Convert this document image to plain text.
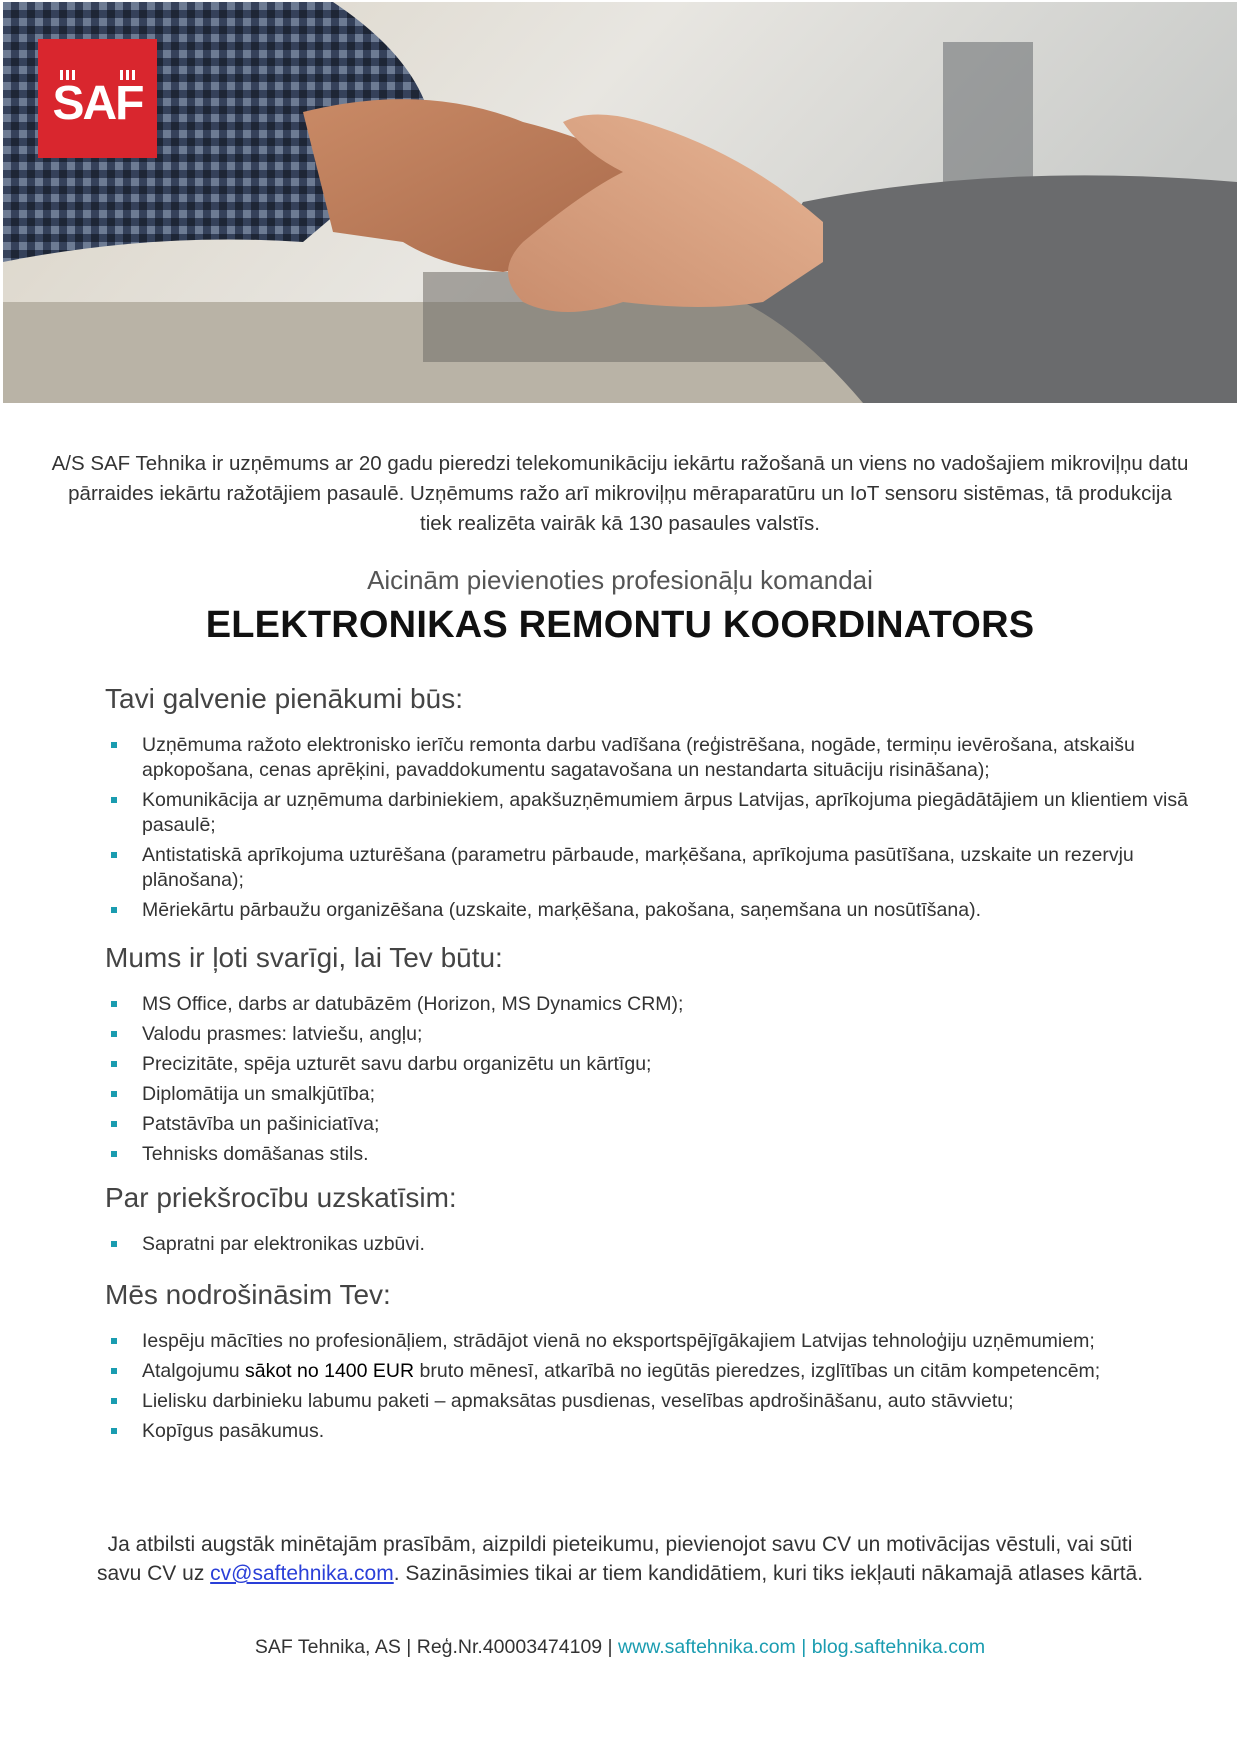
SAF
A/S SAF Tehnika ir uzņēmums ar 20 gadu pieredzi telekomunikāciju iekārtu ražošanā un viens no vadošajiem mikroviļņu datu pārraides iekārtu ražotājiem pasaulē. Uzņēmums ražo arī mikroviļņu mēraparatūru un IoT sensoru sistēmas, tā produkcija tiek realizēta vairāk kā 130 pasaules valstīs.
Aicinām pievienoties profesionāļu komandai
ELEKTRONIKAS REMONTU KOORDINATORS
Tavi galvenie pienākumi būs:
Uzņēmuma ražoto elektronisko ierīču remonta darbu vadīšana (reģistrēšana, nogāde, termiņu ievērošana, atskaišu apkopošana, cenas aprēķini, pavaddokumentu sagatavošana un nestandarta situāciju risināšana);
Komunikācija ar uzņēmuma darbiniekiem, apakšuzņēmumiem ārpus Latvijas, aprīkojuma piegādātājiem un klientiem visā pasaulē;
Antistatiskā aprīkojuma uzturēšana (parametru pārbaude, marķēšana, aprīkojuma pasūtīšana, uzskaite un rezervju plānošana);
Mēriekārtu pārbaužu organizēšana (uzskaite, marķēšana, pakošana, saņemšana un nosūtīšana).
Mums ir ļoti svarīgi, lai Tev būtu:
MS Office, darbs ar datubāzēm (Horizon, MS Dynamics CRM);
Valodu prasmes: latviešu, angļu;
Precizitāte, spēja uzturēt savu darbu organizētu un kārtīgu;
Diplomātija un smalkjūtība;
Patstāvība un pašiniciatīva;
Tehnisks domāšanas stils.
Par priekšrocību uzskatīsim:
Sapratni par elektronikas uzbūvi.
Mēs nodrošināsim Tev:
Iespēju mācīties no profesionāļiem, strādājot vienā no eksportspējīgākajiem Latvijas tehnoloģiju uzņēmumiem;
Atalgojumu sākot no 1400 EUR bruto mēnesī, atkarībā no iegūtās pieredzes, izglītības un citām kompetencēm;
Lielisku darbinieku labumu paketi – apmaksātas pusdienas, veselības apdrošināšanu, auto stāvvietu;
Kopīgus pasākumus.
Ja atbilsti augstāk minētajām prasībām, aizpildi pieteikumu, pievienojot savu CV un motivācijas vēstuli, vai sūti savu CV uz cv@saftehnika.com. Sazināsimies tikai ar tiem kandidātiem, kuri tiks iekļauti nākamajā atlases kārtā.
SAF Tehnika, AS | Reģ.Nr.40003474109 | www.saftehnika.com | blog.saftehnika.com
